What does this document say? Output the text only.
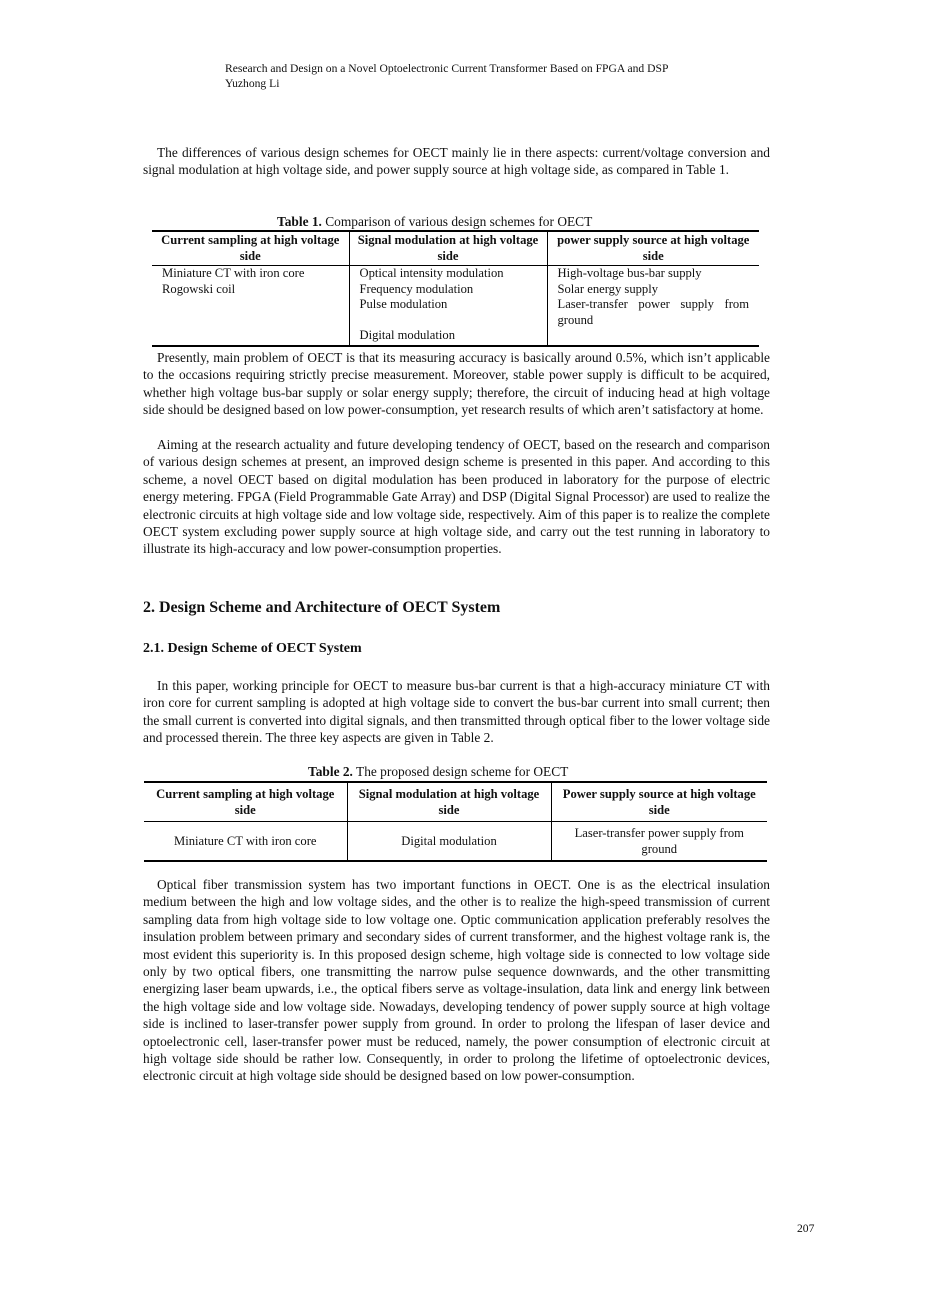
Research and Design on a Novel Optoelectronic Current Transformer Based on FPGA and DSP
Yuzhong Li

The differences of various design schemes for OECT mainly lie in there aspects: current/voltage conversion and signal modulation at high voltage side, and power supply source at high voltage side, as compared in Table 1.

Table 1. Comparison of various design schemes for OECT
Current sampling at high voltage side	Signal modulation at high voltage side	power supply source at high voltage side
Miniature CT with iron core	Optical intensity modulation	High-voltage bus-bar supply
Rogowski coil	Frequency modulation	Solar energy supply
	Pulse modulation	Laser-transfer power supply from ground
	Digital modulation	

Presently, main problem of OECT is that its measuring accuracy is basically around 0.5%, which isn’t applicable to the occasions requiring strictly precise measurement. Moreover, stable power supply is difficult to be acquired, whether high voltage bus-bar supply or solar energy supply; therefore, the circuit of inducing head at high voltage side should be designed based on low power-consumption, yet research results of which aren’t satisfactory at home.

Aiming at the research actuality and future developing tendency of OECT, based on the research and comparison of various design schemes at present, an improved design scheme is presented in this paper. And according to this scheme, a novel OECT based on digital modulation has been produced in laboratory for the purpose of electric energy metering. FPGA (Field Programmable Gate Array) and DSP (Digital Signal Processor) are used to realize the electronic circuits at high voltage side and low voltage side, respectively. Aim of this paper is to realize the complete OECT system excluding power supply source at high voltage side, and carry out the test running in laboratory to illustrate its high-accuracy and low power-consumption properties.

2. Design Scheme and Architecture of OECT System
2.1. Design Scheme of OECT System

In this paper, working principle for OECT to measure bus-bar current is that a high-accuracy miniature CT with iron core for current sampling is adopted at high voltage side to convert the bus-bar current into small current; then the small current is converted into digital signals, and then transmitted through optical fiber to the lower voltage side and processed therein. The three key aspects are given in Table 2.

Table 2. The proposed design scheme for OECT
Current sampling at high voltage side	Signal modulation at high voltage side	Power supply source at high voltage side
Miniature CT with iron core	Digital modulation	Laser-transfer power supply from ground

Optical fiber transmission system has two important functions in OECT. One is as the electrical insulation medium between the high and low voltage sides, and the other is to realize the high-speed transmission of current sampling data from high voltage side to low voltage one. Optic communication application preferably resolves the insulation problem between primary and secondary sides of current transformer, and the highest voltage rank is, the most evident this superiority is. In this proposed design scheme, high voltage side is connected to low voltage side only by two optical fibers, one transmitting the narrow pulse sequence downwards, and the other transmitting energizing laser beam upwards, i.e., the optical fibers serve as voltage-insulation, data link and energy link between the high voltage side and low voltage side. Nowadays, developing tendency of power supply source at high voltage side is inclined to laser-transfer power supply from ground. In order to prolong the lifespan of laser device and optoelectronic cell, laser-transfer power must be reduced, namely, the power consumption of electronic circuit at high voltage side should be rather low. Consequently, in order to prolong the lifetime of optoelectronic devices, electronic circuit at high voltage side should be designed based on low power-consumption.

207
